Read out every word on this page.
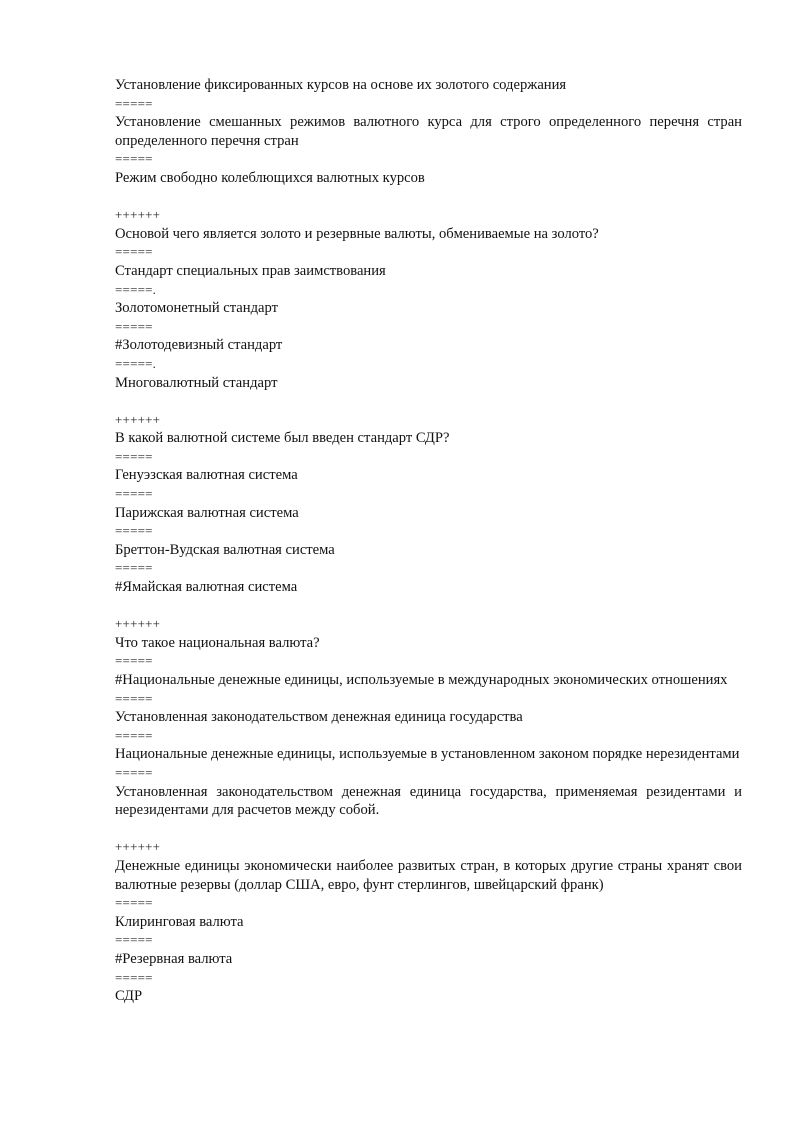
Установление фиксированных курсов на основе их золотого содержания

=====

Установление смешанных режимов валютного курса для строго определенного перечня стран определенного перечня стран

=====

Режим свободно колеблющихся валютных курсов

++++++

Основой чего является золото и резервные валюты, обмениваемые на золото?

=====

Стандарт специальных прав заимствования

=====.

Золотомонетный стандарт

=====

#Золотодевизный стандарт

=====.

Многовалютный стандарт

++++++

В какой валютной системе был введен стандарт СДР?

=====

Генуэзская валютная система

=====

Парижская валютная система

=====

Бреттон-Вудская валютная система

=====

#Ямайская валютная система

++++++

Что такое национальная валюта?

=====

#Национальные денежные единицы, используемые в международных экономических отношениях

=====

Установленная законодательством денежная единица государства

=====

Национальные денежные единицы, используемые в установленном законом порядке нерезидентами

=====

Установленная законодательством денежная единица государства, применяемая резидентами и нерезидентами для расчетов между собой.

++++++

Денежные единицы экономически наиболее развитых стран, в которых другие страны хранят свои валютные резервы (доллар США, евро, фунт стерлингов, швейцарский франк)

=====

Клиринговая валюта

=====

#Резервная валюта

=====

СДР
